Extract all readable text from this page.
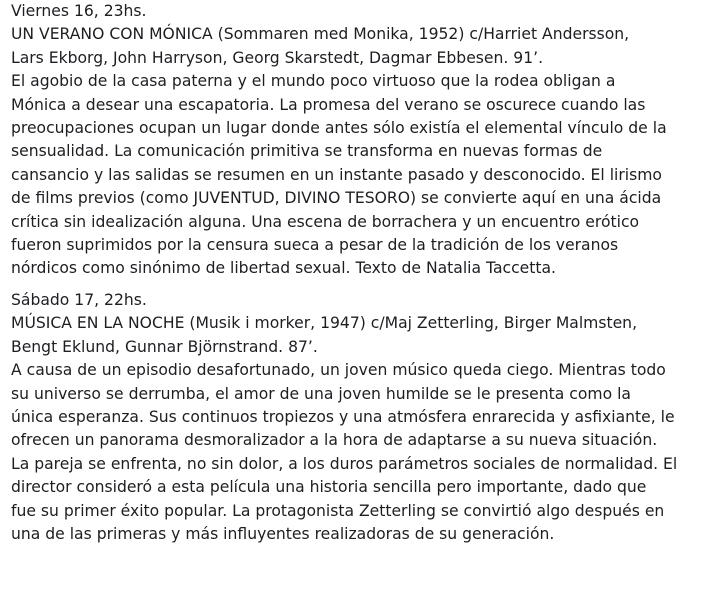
Viernes 16, 23hs.

UN VERANO CON MÓNICA (Sommaren med Monika, 1952) c/Harriet Andersson,

Lars Ekborg, John Harryson, Georg Skarstedt, Dagmar Ebbesen. 91’.

El agobio de la casa paterna y el mundo poco virtuoso que la rodea obligan a

Mónica a desear una escapatoria. La promesa del verano se oscurece cuando las

preocupaciones ocupan un lugar donde antes sólo existía el elemental vínculo de la

sensualidad. La comunicación primitiva se transforma en nuevas formas de

cansancio y las salidas se resumen en un instante pasado y desconocido. El lirismo

de films previos (como JUVENTUD, DIVINO TESORO) se convierte aquí en una ácida

crítica sin idealización alguna. Una escena de borrachera y un encuentro erótico

fueron suprimidos por la censura sueca a pesar de la tradición de los veranos

nórdicos como sinónimo de libertad sexual. Texto de Natalia Taccetta.

Sábado 17, 22hs.

MÚSICA EN LA NOCHE (Musik i morker, 1947) c/Maj Zetterling, Birger Malmsten,

Bengt Eklund, Gunnar Björnstrand. 87’.

A causa de un episodio desafortunado, un joven músico queda ciego. Mientras todo

su universo se derrumba, el amor de una joven humilde se le presenta como la

única esperanza. Sus continuos tropiezos y una atmósfera enrarecida y asfixiante, le

ofrecen un panorama desmoralizador a la hora de adaptarse a su nueva situación.

La pareja se enfrenta, no sin dolor, a los duros parámetros sociales de normalidad. El

director consideró a esta película una historia sencilla pero importante, dado que

fue su primer éxito popular. La protagonista Zetterling se convirtió algo después en

una de las primeras y más influyentes realizadoras de su generación.
